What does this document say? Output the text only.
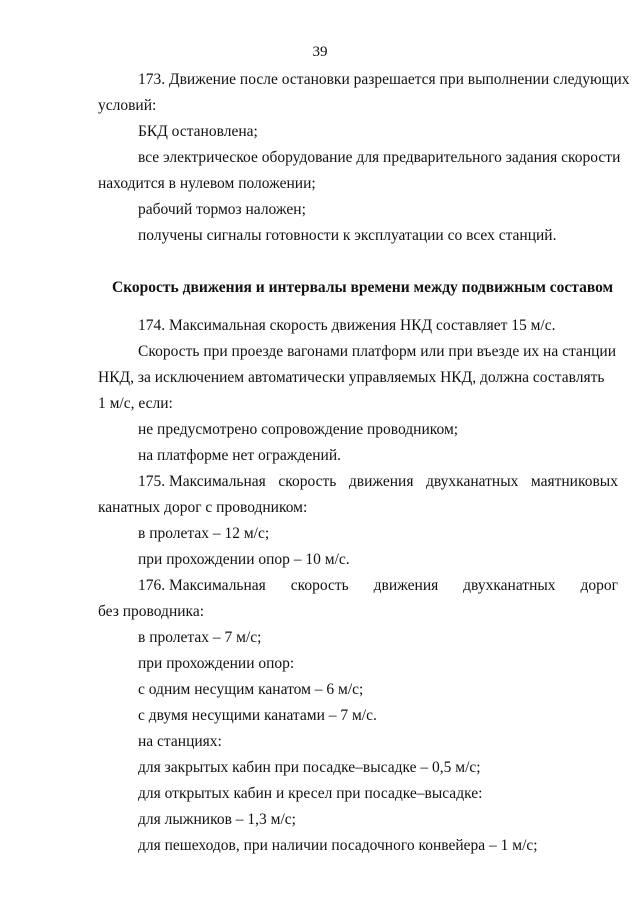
39
173. Движение после остановки разрешается при выполнении следующих
условий:
БКД остановлена;
все электрическое оборудование для предварительного задания скорости
находится в нулевом положении;
рабочий тормоз наложен;
получены сигналы готовности к эксплуатации со всех станций.
Скорость движения и интервалы времени между подвижным составом
174. Максимальная скорость движения НКД составляет 15 м/с.
Скорость при проезде вагонами платформ или при въезде их на станции
НКД, за исключением автоматически управляемых НКД, должна составлять
1 м/с, если:
не предусмотрено сопровождение проводником;
на платформе нет ограждений.
175. Максимальная скорость движения двухканатных маятниковых
канатных дорог с проводником:
в пролетах – 12 м/с;
при прохождении опор – 10 м/с.
176. Максимальная скорость движения двухканатных дорог
без проводника:
в пролетах – 7 м/с;
при прохождении опор:
с одним несущим канатом – 6 м/с;
с двумя несущими канатами – 7 м/с.
на станциях:
для закрытых кабин при посадке–высадке – 0,5 м/с;
для открытых кабин и кресел при посадке–высадке:
для лыжников – 1,3 м/с;
для пешеходов, при наличии посадочного конвейера – 1 м/с;
